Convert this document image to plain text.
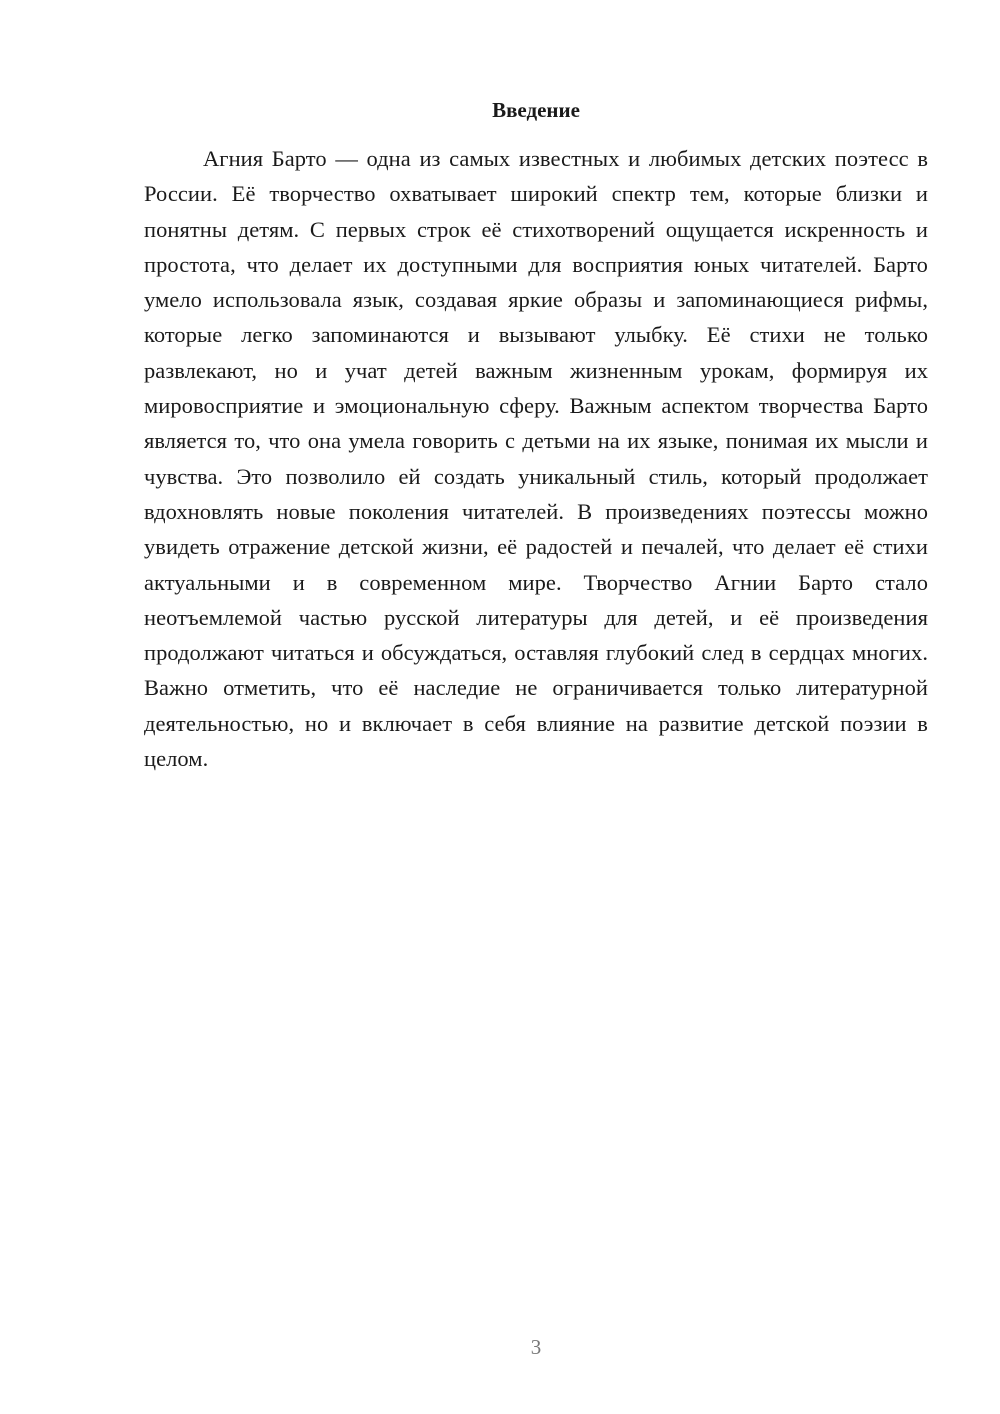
Введение

Агния Барто — одна из самых известных и любимых детских поэтесс в России. Её творчество охватывает широкий спектр тем, которые близки и понятны детям. С первых строк её стихотворений ощущается искренность и простота, что делает их доступными для восприятия юных читателей. Барто умело использовала язык, создавая яркие образы и запоминающиеся рифмы, которые легко запоминаются и вызывают улыбку. Её стихи не только развлекают, но и учат детей важным жизненным урокам, формируя их мировосприятие и эмоциональную сферу. Важным аспектом творчества Барто является то, что она умела говорить с детьми на их языке, понимая их мысли и чувства. Это позволило ей создать уникальный стиль, который продолжает вдохновлять новые поколения читателей. В произведениях поэтессы можно увидеть отражение детской жизни, её радостей и печалей, что делает её стихи актуальными и в современном мире. Творчество Агнии Барто стало неотъемлемой частью русской литературы для детей, и её произведения продолжают читаться и обсуждаться, оставляя глубокий след в сердцах многих. Важно отметить, что её наследие не ограничивается только литературной деятельностью, но и включает в себя влияние на развитие детской поэзии в целом.

3
